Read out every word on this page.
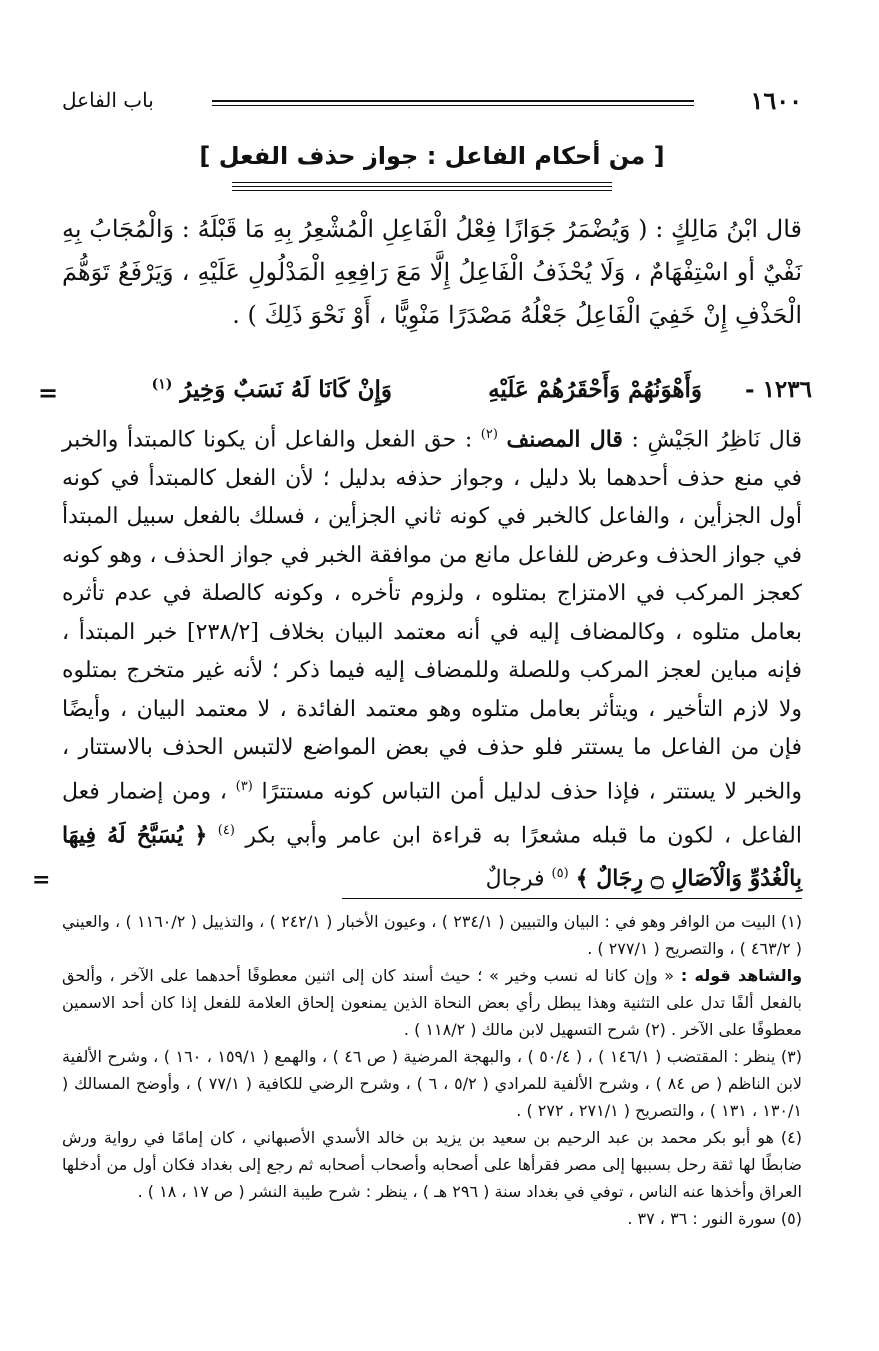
١٦٠٠
باب الفاعل
[ من أحكام الفاعل : جواز حذف الفعل ]
قال ابْنُ مَالِكٍ : ( وَيُضْمَرُ جَوَازًا فِعْلُ الْفَاعِلِ الْمُشْعِرُ بِهِ مَا قَبْلَهُ : وَالْمُجَابُ بِهِ نَفْيٌ أو اسْتِفْهَامٌ ، وَلَا يُحْذَفُ الْفَاعِلُ إِلَّا مَعَ رَافِعِهِ الْمَدْلُولِ عَلَيْهِ ، وَيَرْفَعُ تَوَهُّمَ الْحَذْفِ إِنْ خَفِيَ الْفَاعِلُ جَعْلُهُ مَصْدَرًا مَنْوِيًّا ، أَوْ نَحْوَ ذَلِكَ ) .
١٢٣٦ -
وَأَهْوَنُهُمْ وَأَحْقَرُهُمْ عَلَيْهِ
وَإِنْ كَانَا لَهُ نَسَبٌ وَخِيرُ $^{(١)}$
=

قال نَاظِرُ الجَيْشِ : قال المصنف $^{(٢)}$ : حق الفعل والفاعل أن يكونا كالمبتدأ والخبر في منع حذف أحدهما بلا دليل ، وجواز حذفه بدليل ؛ لأن الفعل كالمبتدأ في كونه أول الجزأين ، والفاعل كالخبر في كونه ثاني الجزأين ، فسلك بالفعل سبيل المبتدأ في جواز الحذف وعرض للفاعل مانع من موافقة الخبر في جواز الحذف ، وهو كونه كعجز المركب في الامتزاج بمتلوه ، ولزوم تأخره ، وكونه كالصلة في عدم تأثره بعامل متلوه ، وكالمضاف إليه في أنه معتمد البيان بخلاف [٢٣٨/٢] خبر المبتدأ ، فإنه مباين لعجز المركب وللصلة وللمضاف إليه فيما ذكر ؛ لأنه غير متخرج بمتلوه ولا لازم التأخير ، ويتأثر بعامل متلوه وهو معتمد الفائدة ، لا معتمد البيان ، وأيضًا فإن من الفاعل ما يستتر فلو حذف في بعض المواضع لالتبس الحذف بالاستتار ، والخبر لا يستتر ، فإذا حذف لدليل أمن التباس كونه مستترًا $^{(٣)}$ ، ومن إضمار فعل الفاعل ، لكون ما قبله مشعرًا به قراءة ابن عامر وأبي بكر $^{(٤)}$ ﴿ يُسَبَّحُ لَهُ فِيهَا بِالْغُدُوِّ وَالْآصَالِ ۝ رِجَالٌ ﴾ $^{(٥)}$ فرجالٌ

=

(١) البيت من الوافر وهو في : البيان والتبيين ( ٢٣٤/١ ) ، وعيون الأخبار ( ٢٤٢/١ ) ، والتذييل ( ١١٦٠/٢ ) ، والعيني ( ٤٦٣/٢ ) ، والتصريح ( ٢٧٧/١ ) .

والشاهد قوله : « وإن كانا له نسب وخير » ؛ حيث أسند كان إلى اثنين معطوفًا أحدهما على الآخر ، وألحق بالفعل ألفًا تدل على التثنية وهذا يبطل رأي بعض النحاة الذين يمنعون إلحاق العلامة للفعل إذا كان أحد الاسمين معطوفًا على الآخر . (٢) شرح التسهيل لابن مالك ( ١١٨/٢ ) .

(٣) ينظر : المقتضب ( ١٤٦/١ ) ، ( ٥٠/٤ ) ، والبهجة المرضية ( ص ٤٦ ) ، والهمع ( ١٥٩/١ ، ١٦٠ ) ، وشرح الألفية لابن الناظم ( ص ٨٤ ) ، وشرح الألفية للمرادي ( ٥/٢ ، ٦ ) ، وشرح الرضي للكافية ( ٧٧/١ ) ، وأوضح المسالك ( ١٣٠/١ ، ١٣١ ) ، والتصريح ( ٢٧١/١ ، ٢٧٢ ) .

(٤) هو أبو بكر محمد بن عبد الرحيم بن سعيد بن يزيد بن خالد الأسدي الأصبهاني ، كان إمامًا في رواية ورش ضابطًا لها ثقة رحل بسببها إلى مصر فقرأها على أصحابه وأصحاب أصحابه ثم رجع إلى بغداد فكان أول من أدخلها العراق وأخذها عنه الناس ، توفي في بغداد سنة ( ٢٩٦ هـ ) ، ينظر : شرح طيبة النشر ( ص ١٧ ، ١٨ ) .

(٥) سورة النور : ٣٦ ، ٣٧ .
